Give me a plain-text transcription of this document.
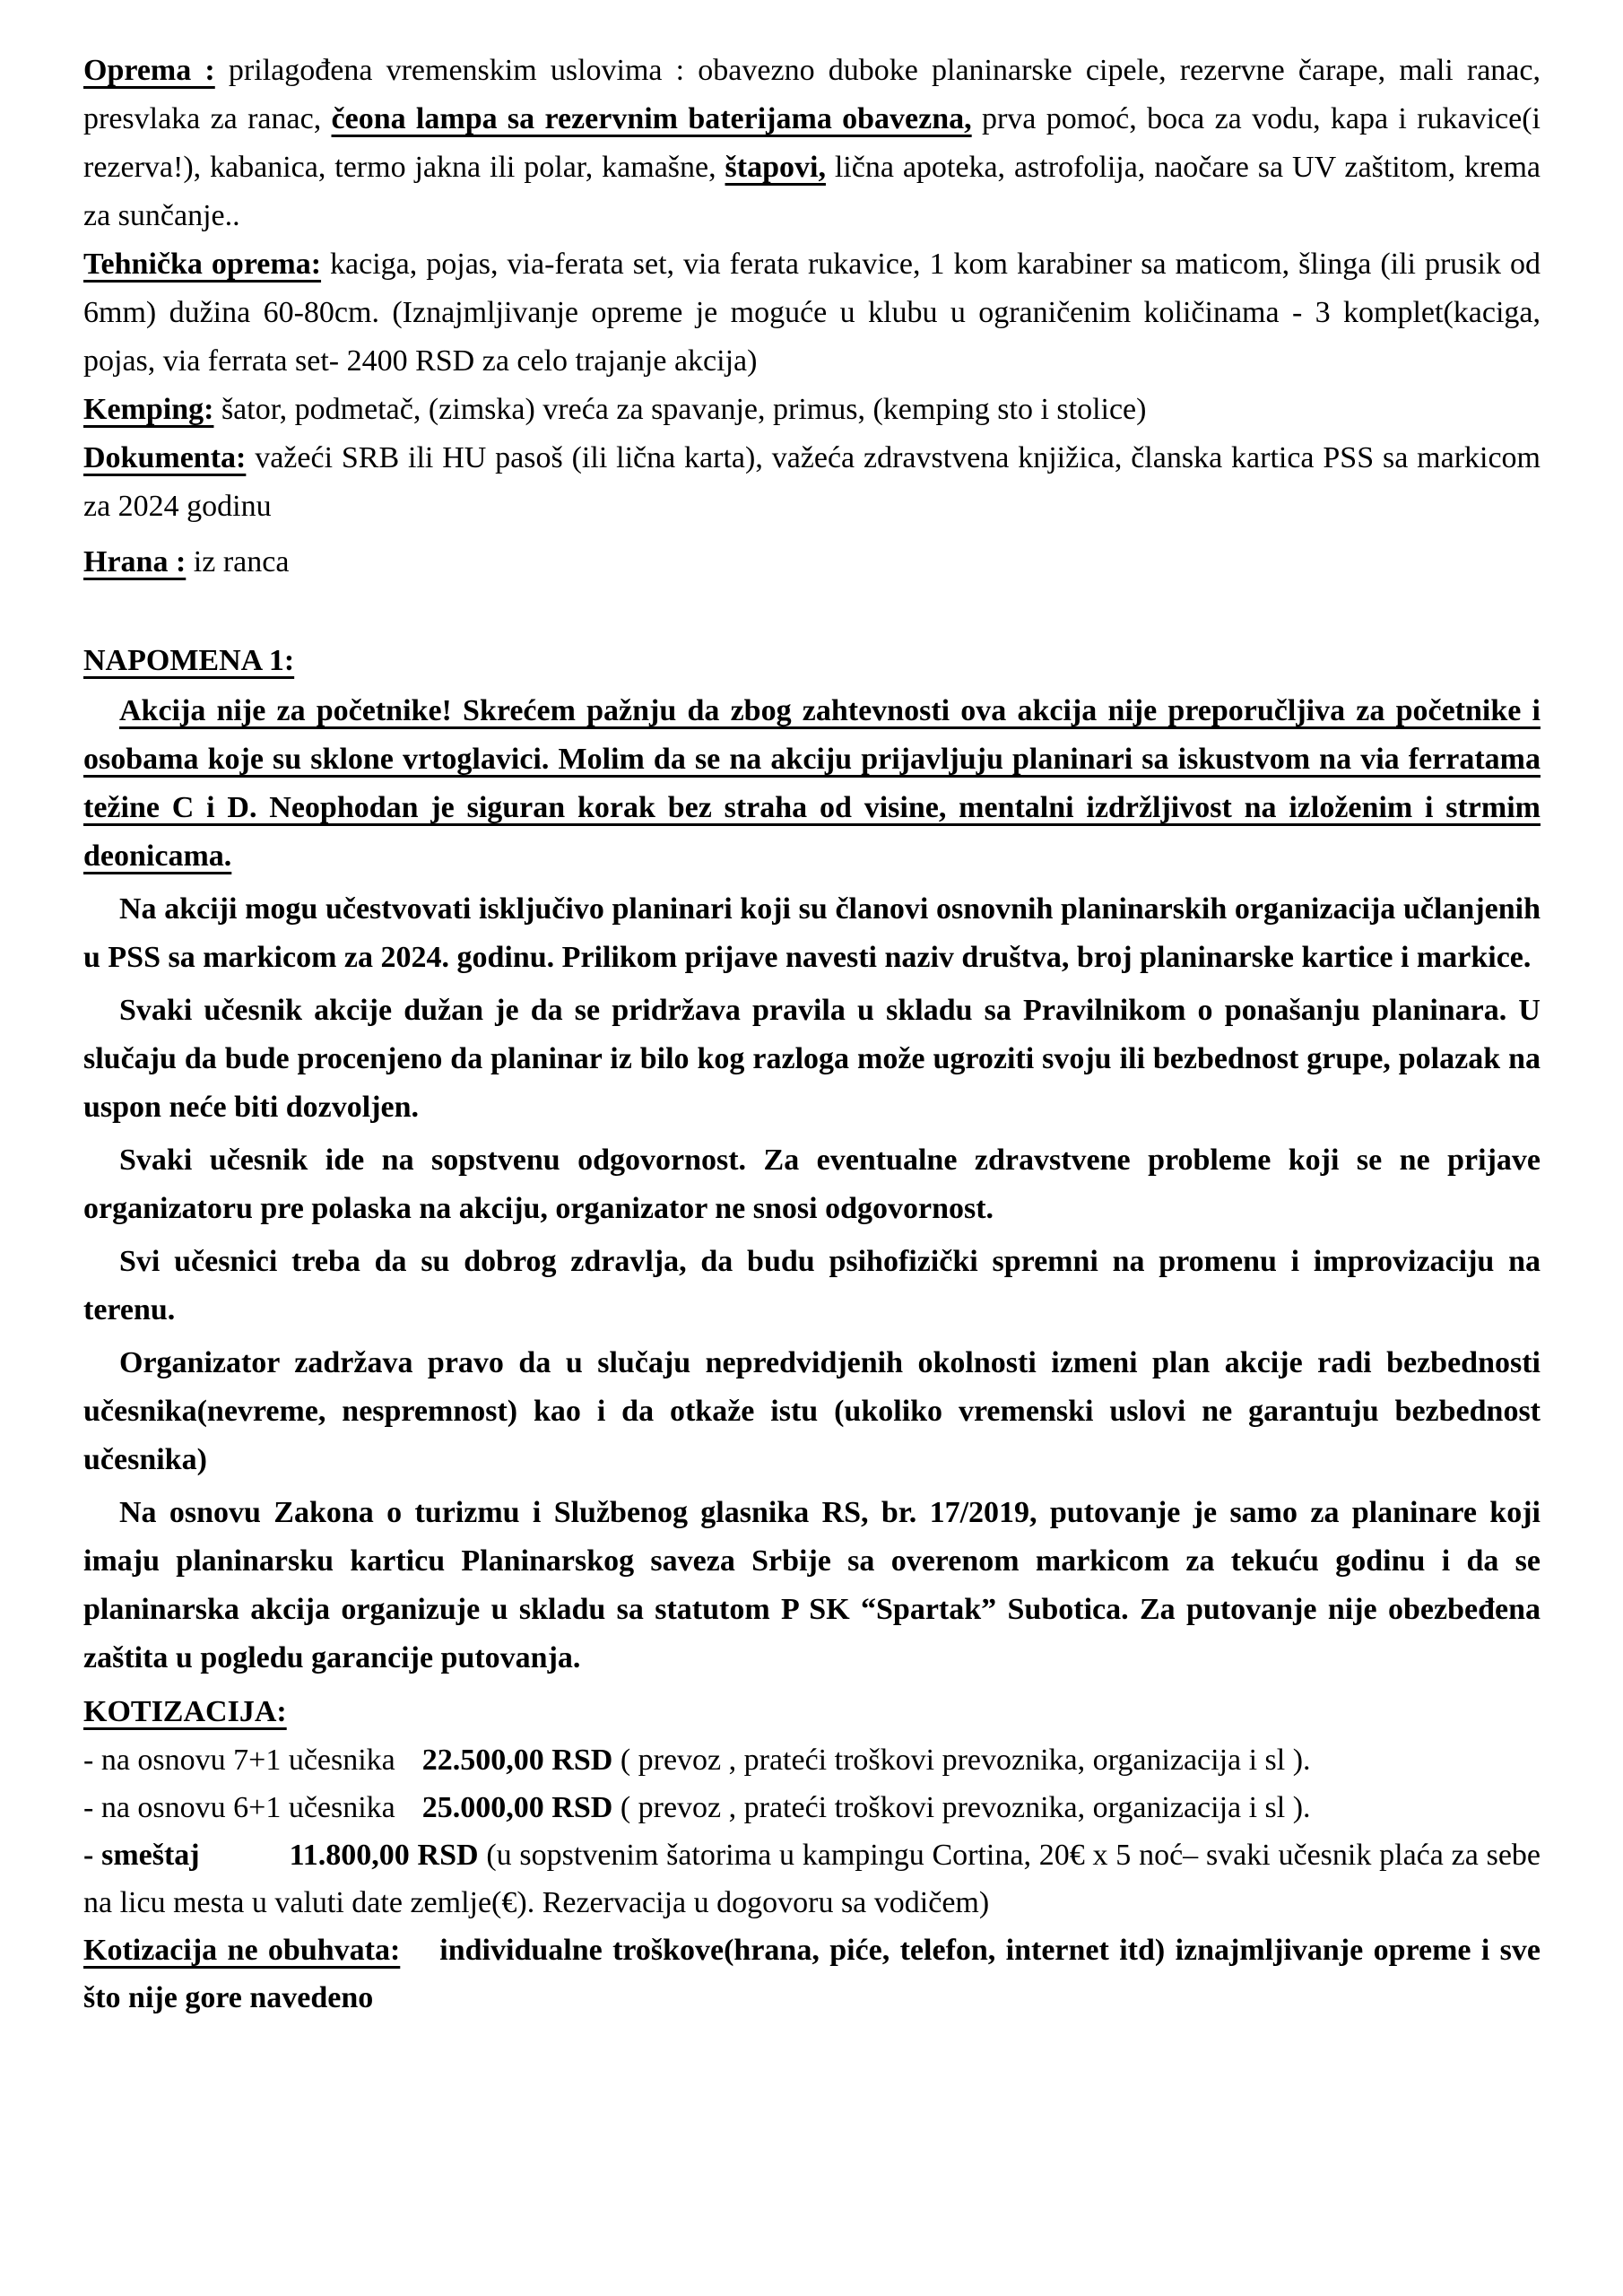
Oprema : prilagođena vremenskim uslovima : obavezno duboke planinarske cipele, rezervne čarape, mali ranac, presvlaka za ranac, čeona lampa sa rezervnim baterijama obavezna, prva pomoć, boca za vodu, kapa i rukavice(i rezerva!), kabanica, termo jakna ili polar, kamašne, štapovi, lična apoteka, astrofolija, naočare sa UV zaštitom, krema za sunčanje..

Tehnička oprema: kaciga, pojas, via-ferata set, via ferata rukavice, 1 kom karabiner sa maticom, šlinga (ili prusik od 6mm) dužina 60-80cm. (Iznajmljivanje opreme je moguće u klubu u ograničenim količinama - 3 komplet(kaciga, pojas, via ferrata set- 2400 RSD za celo trajanje akcija)

Kemping: šator, podmetač, (zimska) vreća za spavanje, primus, (kemping sto i stolice)

Dokumenta: važeći SRB ili HU pasoš (ili lična karta), važeća zdravstvena knjižica, članska kartica PSS sa markicom za 2024 godinu

Hrana : iz ranca

NAPOMENA 1:

Akcija nije za početnike! Skrećem pažnju da zbog zahtevnosti ova akcija nije preporučljiva za početnike i osobama koje su sklone vrtoglavici. Molim da se na akciju prijavljuju planinari sa iskustvom na via ferratama težine C i D. Neophodan je siguran korak bez straha od visine, mentalni izdržljivost na izloženim i strmim deonicama.

Na akciji mogu učestvovati isključivo planinari koji su članovi osnovnih planinarskih organizacija učlanjenih u PSS sa markicom za 2024. godinu. Prilikom prijave navesti naziv društva, broj planinarske kartice i markice.

Svaki učesnik akcije dužan je da se pridržava pravila u skladu sa Pravilnikom o ponašanju planinara. U slučaju da bude procenjeno da planinar iz bilo kog razloga može ugroziti svoju ili bezbednost grupe, polazak na uspon neće biti dozvoljen.

Svaki učesnik ide na sopstvenu odgovornost. Za eventualne zdravstvene probleme koji se ne prijave organizatoru pre polaska na akciju, organizator ne snosi odgovornost.

Svi učesnici treba da su dobrog zdravlja, da budu psihofizički spremni na promenu i improvizaciju na terenu.

Organizator zadržava pravo da u slučaju nepredvidjenih okolnosti izmeni plan akcije radi bezbednosti učesnika(nevreme, nespremnost) kao i da otkaže istu (ukoliko vremenski uslovi ne garantuju bezbednost učesnika)

Na osnovu Zakona o turizmu i Službenog glasnika RS, br. 17/2019, putovanje je samo za planinare koji imaju planinarsku karticu Planinarskog saveza Srbije sa overenom markicom za tekuću godinu i da se planinarska akcija organizuje u skladu sa statutom P SK “Spartak” Subotica. Za putovanje nije obezbeđena zaštita u pogledu garancije putovanja.

KOTIZACIJA:

- na osnovu 7+1 učesnika 22.500,00 RSD ( prevoz , prateći troškovi prevoznika, organizacija i sl ).

- na osnovu 6+1 učesnika 25.000,00 RSD ( prevoz , prateći troškovi prevoznika, organizacija i sl ).

- smeštaj	11.800,00 RSD (u sopstvenim šatorima u kampingu Cortina, 20€ x 5 noć– svaki učesnik plaća za sebe na licu mesta u valuti date zemlje(€). Rezervacija u dogovoru sa vodičem)

Kotizacija ne obuhvata: individualne troškove(hrana, piće, telefon, internet itd) iznajmljivanje opreme i sve što nije gore navedeno
